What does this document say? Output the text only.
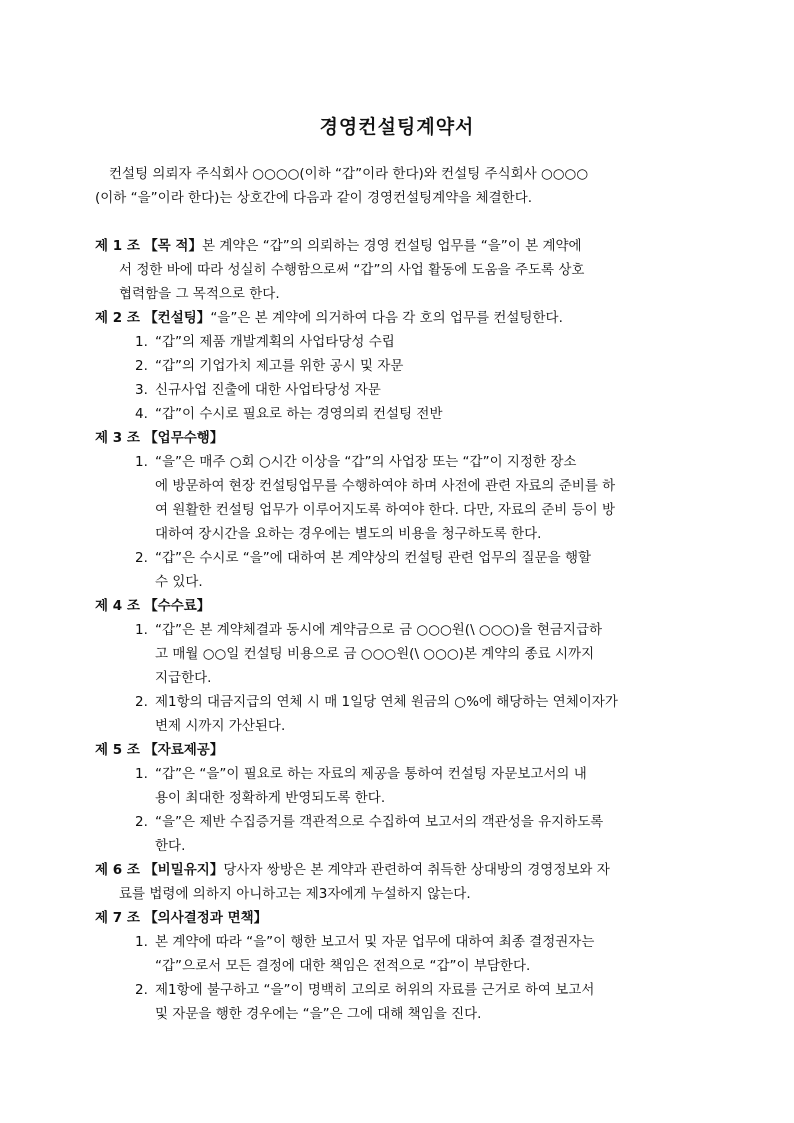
경영컨설팅계약서
컨설팅 의뢰자 주식회사 ○○○○(이하 “갑”이라 한다)와 컨설팅 주식회사 ○○○○
(이하 “을”이라 한다)는 상호간에 다음과 같이 경영컨설팅계약을 체결한다.
제 1 조 【목 적】본 계약은 “갑”의 의뢰하는 경영 컨설팅 업무를 “을”이 본 계약에
서 정한 바에 따라 성실히 수행함으로써 “갑”의 사업 활동에 도움을 주도록 상호
협력함을 그 목적으로 한다.
제 2 조 【컨설팅】“을”은 본 계약에 의거하여 다음 각 호의 업무를 컨설팅한다.
1. “갑”의 제품 개발계획의 사업타당성 수립
2. “갑”의 기업가치 제고를 위한 공시 및 자문
3. 신규사업 진출에 대한 사업타당성 자문
4. “갑”이 수시로 필요로 하는 경영의뢰 컨설팅 전반
제 3 조 【업무수행】
1. “을”은 매주 ○회 ○시간 이상을 “갑”의 사업장 또는 “갑”이 지정한 장소
에 방문하여 현장 컨설팅업무를 수행하여야 하며 사전에 관련 자료의 준비를 하
여 원활한 컨설팅 업무가 이루어지도록 하여야 한다. 다만, 자료의 준비 등이 방
대하여 장시간을 요하는 경우에는 별도의 비용을 청구하도록 한다.
2. “갑”은 수시로 “을”에 대하여 본 계약상의 컨설팅 관련 업무의 질문을 행할
수 있다.
제 4 조 【수수료】
1. “갑”은 본 계약체결과 동시에 계약금으로 금 ○○○원(\ ○○○)을 현금지급하
고 매월 ○○일 컨설팅 비용으로 금 ○○○원(\ ○○○)본 계약의 종료 시까지
지급한다.
2. 제1항의 대금지급의 연체 시 매 1일당 연체 원금의 ○%에 해당하는 연체이자가
변제 시까지 가산된다.
제 5 조 【자료제공】
1. “갑”은 “을”이 필요로 하는 자료의 제공을 통하여 컨설팅 자문보고서의 내
용이 최대한 정확하게 반영되도록 한다.
2. “을”은 제반 수집증거를 객관적으로 수집하여 보고서의 객관성을 유지하도록
한다.
제 6 조 【비밀유지】당사자 쌍방은 본 계약과 관련하여 취득한 상대방의 경영정보와 자
료를 법령에 의하지 아니하고는 제3자에게 누설하지 않는다.
제 7 조 【의사결정과 면책】
1. 본 계약에 따라 “을”이 행한 보고서 및 자문 업무에 대하여 최종 결정권자는
“갑”으로서 모든 결정에 대한 책임은 전적으로 “갑”이 부담한다.
2. 제1항에 불구하고 “을”이 명백히 고의로 허위의 자료를 근거로 하여 보고서
및 자문을 행한 경우에는 “을”은 그에 대해 책임을 진다.
